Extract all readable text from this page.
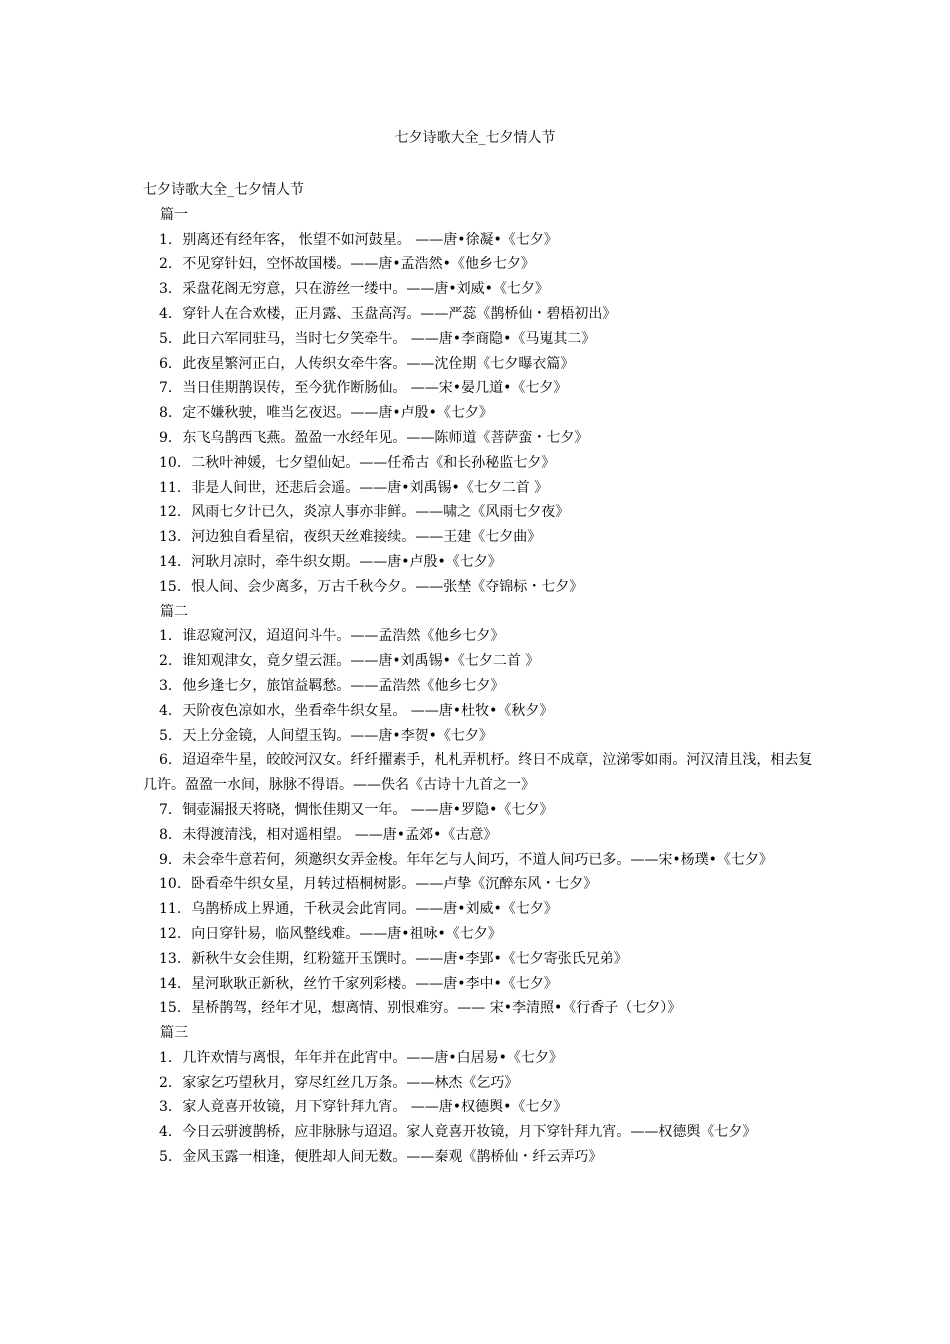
七夕诗歌大全_七夕情人节
七夕诗歌大全_七夕情人节
篇一
1. 别离还有经年客， 怅望不如河鼓星。 ——唐•徐凝•《七夕》
2. 不见穿针妇，空怀故国楼。——唐•孟浩然•《他乡七夕》
3. 采盘花阁无穷意，只在游丝一缕中。——唐•刘威•《七夕》
4. 穿针人在合欢楼，正月露、玉盘高泻。——严蕊《鹊桥仙・碧梧初出》
5. 此日六军同驻马，当时七夕笑牵牛。 ——唐•李商隐•《马嵬其二》
6. 此夜星繁河正白，人传织女牵牛客。——沈佺期《七夕曝衣篇》
7. 当日佳期鹊误传，至今犹作断肠仙。 ——宋•晏几道•《七夕》
8. 定不嫌秋驶，唯当乞夜迟。——唐•卢殷•《七夕》
9. 东飞乌鹊西飞燕。盈盈一水经年见。——陈师道《菩萨蛮・七夕》
10. 二秋叶神媛，七夕望仙妃。——任希古《和长孙秘监七夕》
11. 非是人间世，还悲后会遥。——唐•刘禹锡•《七夕二首 》
12. 风雨七夕计已久，炎凉人事亦非鲜。——啸之《风雨七夕夜》
13. 河边独自看星宿，夜织天丝难接续。——王建《七夕曲》
14. 河耿月凉时，牵牛织女期。——唐•卢殷•《七夕》
15. 恨人间、会少离多，万古千秋今夕。——张埜《夺锦标・七夕》
篇二
1. 谁忍窥河汉，迢迢问斗牛。——孟浩然《他乡七夕》
2. 谁知观津女，竟夕望云涯。——唐•刘禹锡•《七夕二首 》
3. 他乡逢七夕，旅馆益羁愁。——孟浩然《他乡七夕》
4. 天阶夜色凉如水，坐看牵牛织女星。 ——唐•杜牧•《秋夕》
5. 天上分金镜，人间望玉钩。——唐•李贺•《七夕》
6. 迢迢牵牛星，皎皎河汉女。纤纤擢素手，札札弄机杼。终日不成章，泣涕零如雨。河汉清且浅，相去复几许。盈盈一水间，脉脉不得语。——佚名《古诗十九首之一》
7. 铜壶漏报天将晓，惆怅佳期又一年。 ——唐•罗隐•《七夕》
8. 未得渡清浅，相对遥相望。 ——唐•孟郊•《古意》
9. 未会牵牛意若何，须邀织女弄金梭。年年乞与人间巧，不道人间巧已多。——宋•杨璞•《七夕》
10. 卧看牵牛织女星，月转过梧桐树影。——卢挚《沉醉东风・七夕》
11. 乌鹊桥成上界通，千秋灵会此宵同。——唐•刘威•《七夕》
12. 向日穿针易，临风整线难。——唐•祖咏•《七夕》
13. 新秋牛女会佳期，红粉筵开玉馔时。——唐•李郢•《七夕寄张氏兄弟》
14. 星河耿耿正新秋，丝竹千家列彩楼。——唐•李中•《七夕》
15. 星桥鹊驾，经年才见，想离情、别恨难穷。—— 宋•李清照•《行香子（七夕）》
篇三
1. 几许欢情与离恨，年年并在此宵中。——唐•白居易•《七夕》
2. 家家乞巧望秋月，穿尽红丝几万条。——林杰《乞巧》
3. 家人竟喜开妆镜，月下穿针拜九宵。 ——唐•权德舆•《七夕》
4. 今日云骈渡鹊桥，应非脉脉与迢迢。家人竟喜开妆镜，月下穿针拜九宵。——权德舆《七夕》
5. 金风玉露一相逢，便胜却人间无数。——秦观《鹊桥仙・纤云弄巧》
